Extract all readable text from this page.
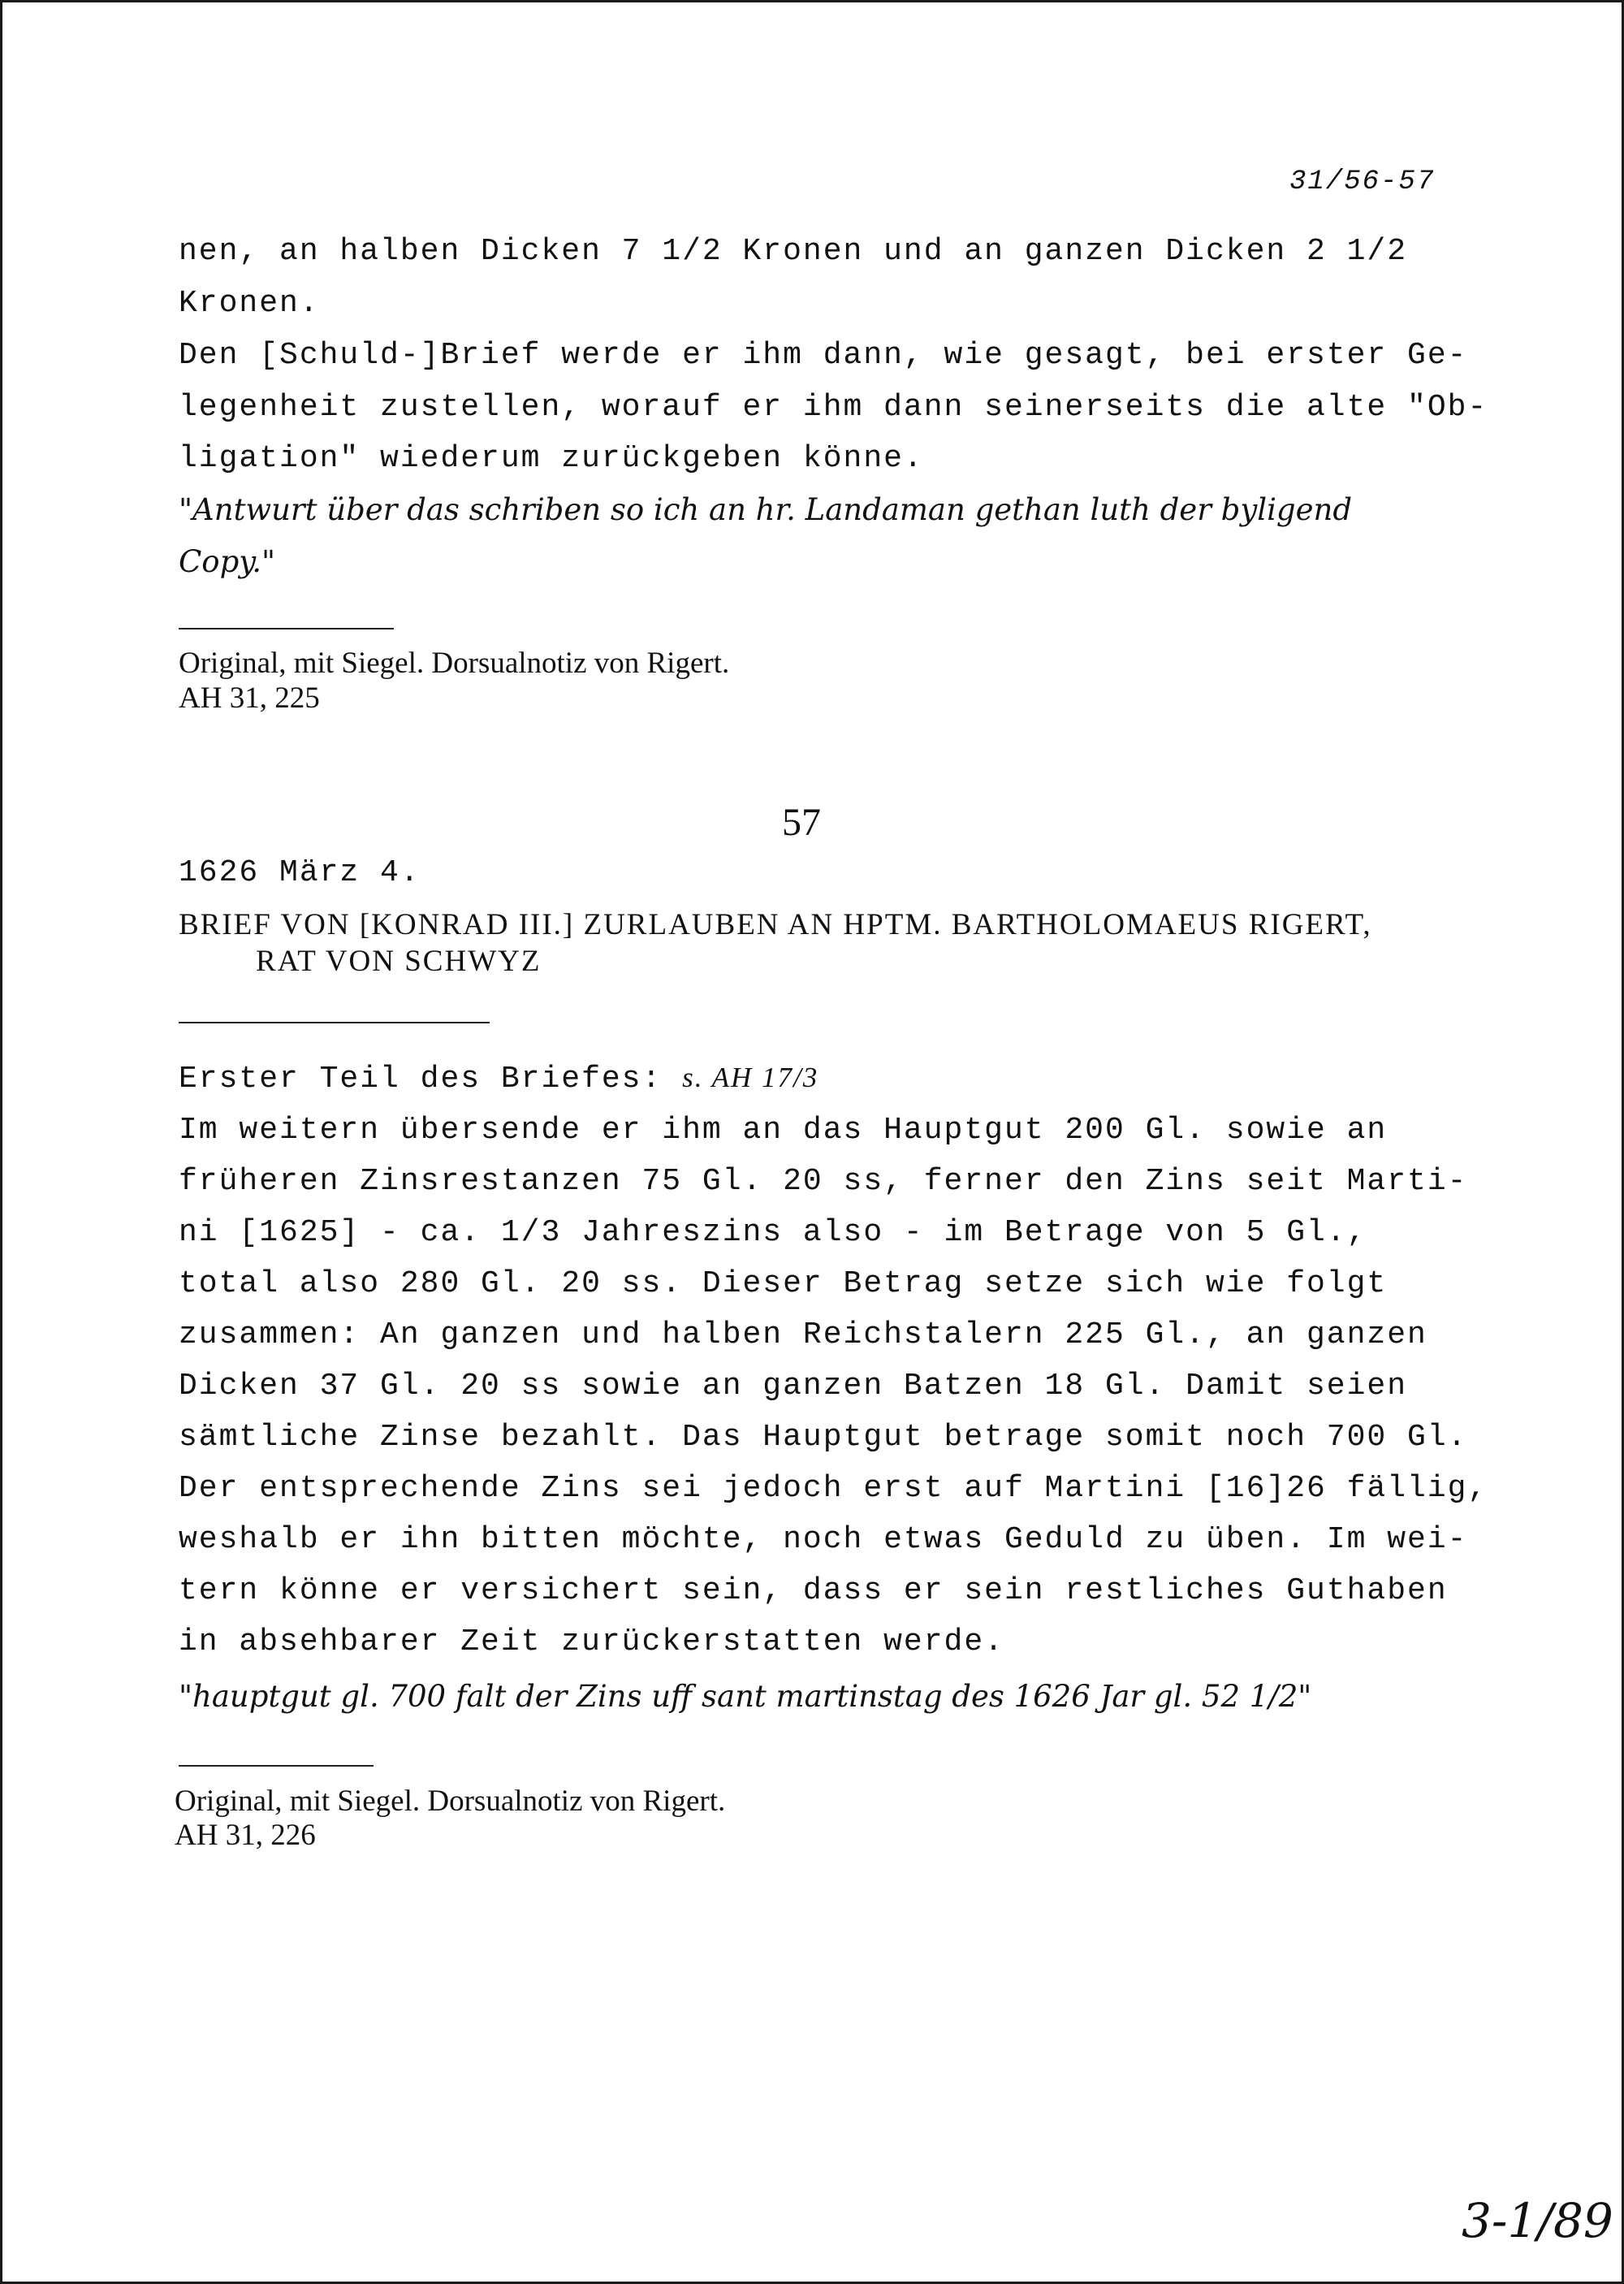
31/56-57
nen, an halben Dicken 7 1/2 Kronen und an ganzen Dicken 2 1/2
Kronen.
Den [Schuld-]Brief werde er ihm dann, wie gesagt, bei erster Ge-
legenheit zustellen, worauf er ihm dann seinerseits die alte "Ob-
ligation" wiederum zurückgeben könne.
"Antwurt über das schriben so ich an hr. Landaman gethan luth der byligend
Copy."
Original, mit Siegel. Dorsualnotiz von Rigert.
AH 31, 225
57
1626 März 4.
BRIEF VON [KONRAD III.] ZURLAUBEN AN HPTM. BARTHOLOMAEUS RIGERT,
RAT VON SCHWYZ
Erster Teil des Briefes: s. AH 17/3
Im weitern übersende er ihm an das Hauptgut 200 Gl. sowie an
früheren Zinsrestanzen 75 Gl. 20 ss, ferner den Zins seit Marti-
ni [1625] - ca. 1/3 Jahreszins also - im Betrage von 5 Gl.,
total also 280 Gl. 20 ss. Dieser Betrag setze sich wie folgt
zusammen: An ganzen und halben Reichstalern 225 Gl., an ganzen
Dicken 37 Gl. 20 ss sowie an ganzen Batzen 18 Gl. Damit seien
sämtliche Zinse bezahlt. Das Hauptgut betrage somit noch 700 Gl.
Der entsprechende Zins sei jedoch erst auf Martini [16]26 fällig,
weshalb er ihn bitten möchte, noch etwas Geduld zu üben. Im wei-
tern könne er versichert sein, dass er sein restliches Guthaben
in absehbarer Zeit zurückerstatten werde.
"hauptgut gl. 700 falt der Zins uff sant martinstag des 1626 Jar gl. 52 1/2"
Original, mit Siegel. Dorsualnotiz von Rigert.
AH 31, 226
3-1/89
